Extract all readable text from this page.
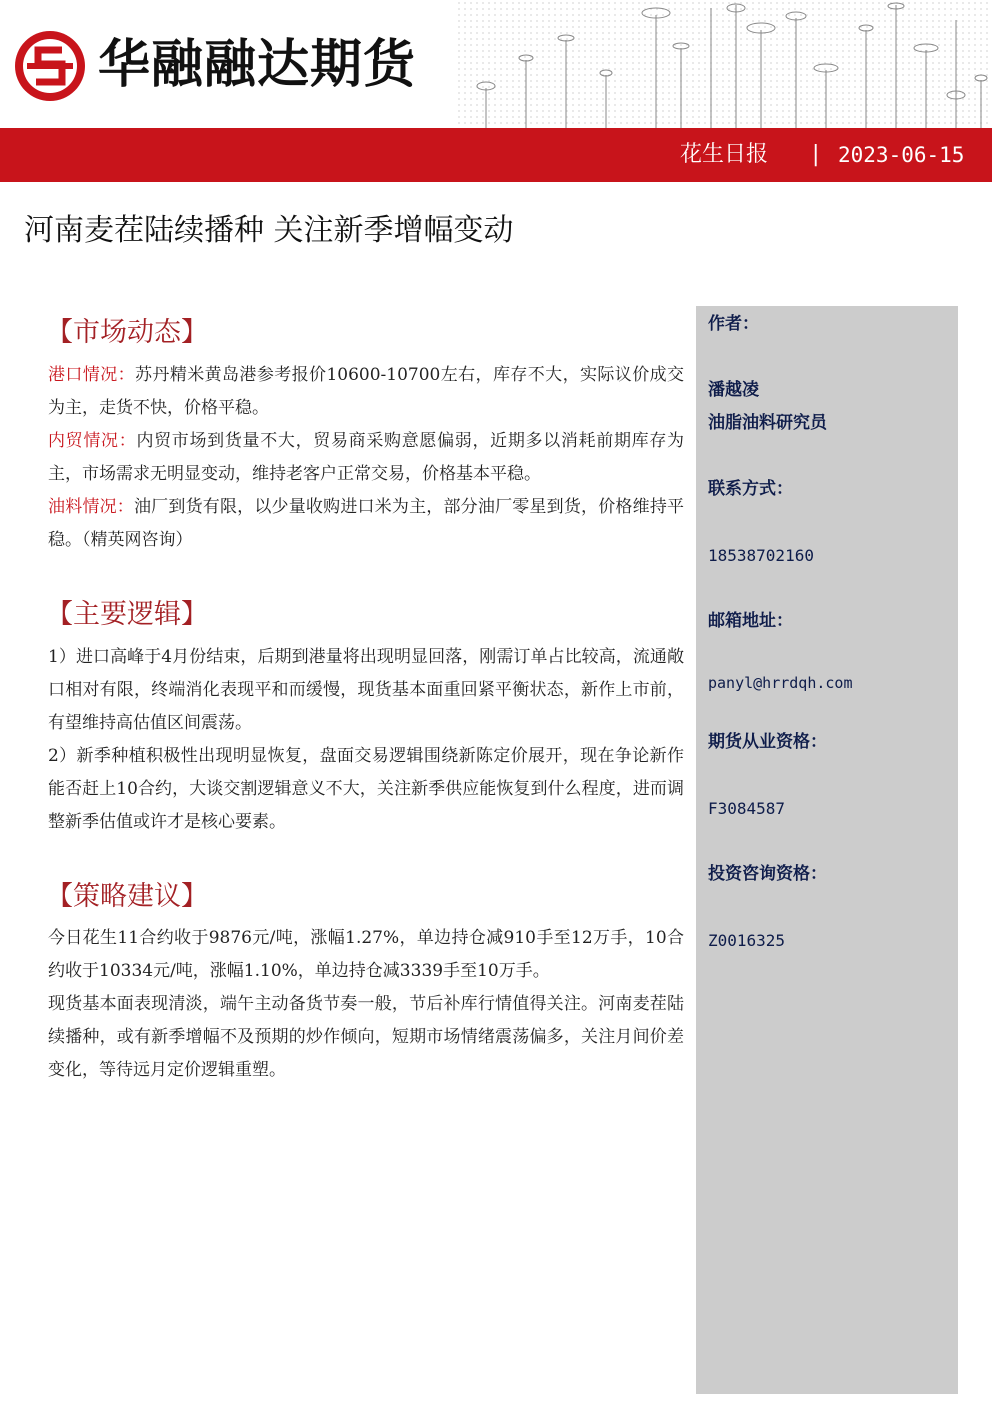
华融融达期货
花生日报 | 2023-06-15
河南麦茬陆续播种 关注新季增幅变动
作者：
潘越凌
油脂油料研究员
联系方式：
18538702160
邮箱地址：
panyl@hrrdqh.com
期货从业资格：
F3084587
投资咨询资格：
Z0016325
【市场动态】
港口情况：苏丹精米黄岛港参考报价10600-10700左右，库存不大，实际议价成交为主，走货不快，价格平稳。
内贸情况：内贸市场到货量不大，贸易商采购意愿偏弱，近期多以消耗前期库存为主，市场需求无明显变动，维持老客户正常交易，价格基本平稳。
油料情况：油厂到货有限，以少量收购进口米为主，部分油厂零星到货，价格维持平稳。（精英网咨询）
【主要逻辑】
1）进口高峰于4月份结束，后期到港量将出现明显回落，刚需订单占比较高，流通敞口相对有限，终端消化表现平和而缓慢，现货基本面重回紧平衡状态，新作上市前，有望维持高估值区间震荡。
2）新季种植积极性出现明显恢复，盘面交易逻辑围绕新陈定价展开，现在争论新作能否赶上10合约，大谈交割逻辑意义不大，关注新季供应能恢复到什么程度，进而调整新季估值或许才是核心要素。
【策略建议】
今日花生11合约收于9876元/吨，涨幅1.27%，单边持仓减910手至12万手，10合约收于10334元/吨，涨幅1.10%，单边持仓减3339手至10万手。
现货基本面表现清淡，端午主动备货节奏一般，节后补库行情值得关注。河南麦茬陆续播种，或有新季增幅不及预期的炒作倾向，短期市场情绪震荡偏多，关注月间价差变化，等待远月定价逻辑重塑。
